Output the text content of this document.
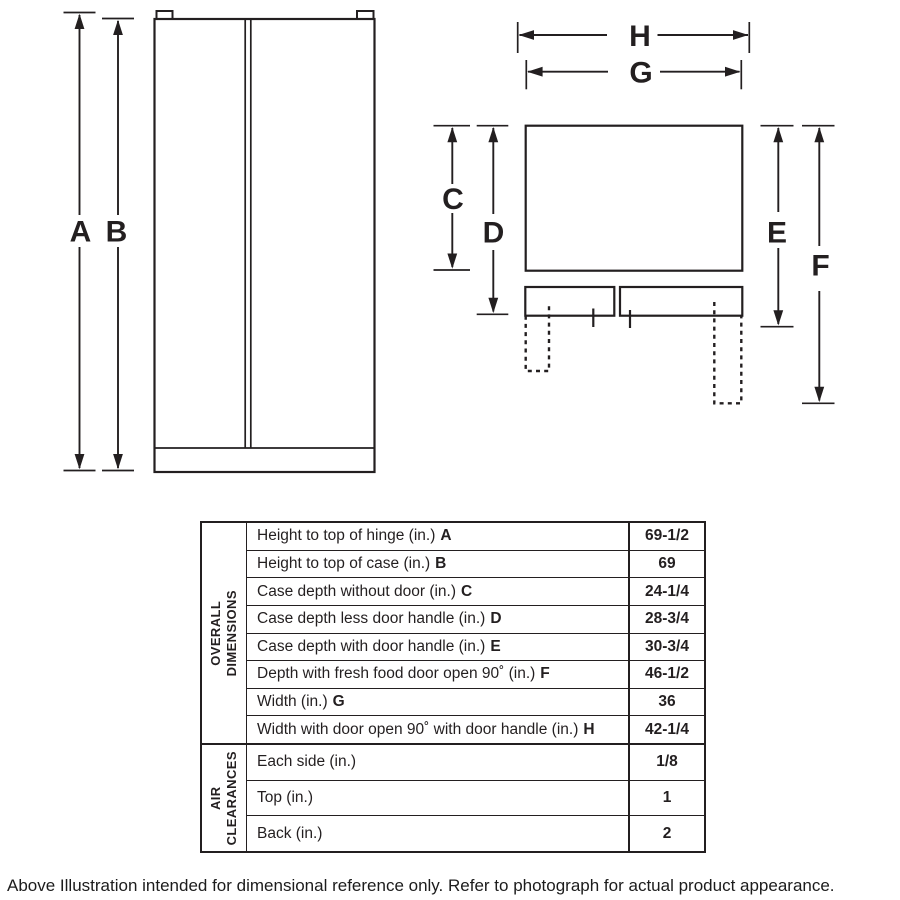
A B
H
G
C
D	E
F
OVERALL DIMENSIONS
Height to top of hinge (in.) A	69-1/2
Height to top of case (in.) B	69
Case depth without door (in.) C	24-1/4
Case depth less door handle (in.) D	28-3/4
Case depth with door handle (in.) E	30-3/4
Depth with fresh food door open 90˚ (in.) F	46-1/2
Width (in.) G	36
Width with door open 90˚ with door handle (in.) H	42-1/4
AIR CLEARANCES Each side (in.)	1/8
Top (in.)	1
Back (in.)	2
Above Illustration intended for dimensional reference only. Refer to photograph for actual product appearance.
